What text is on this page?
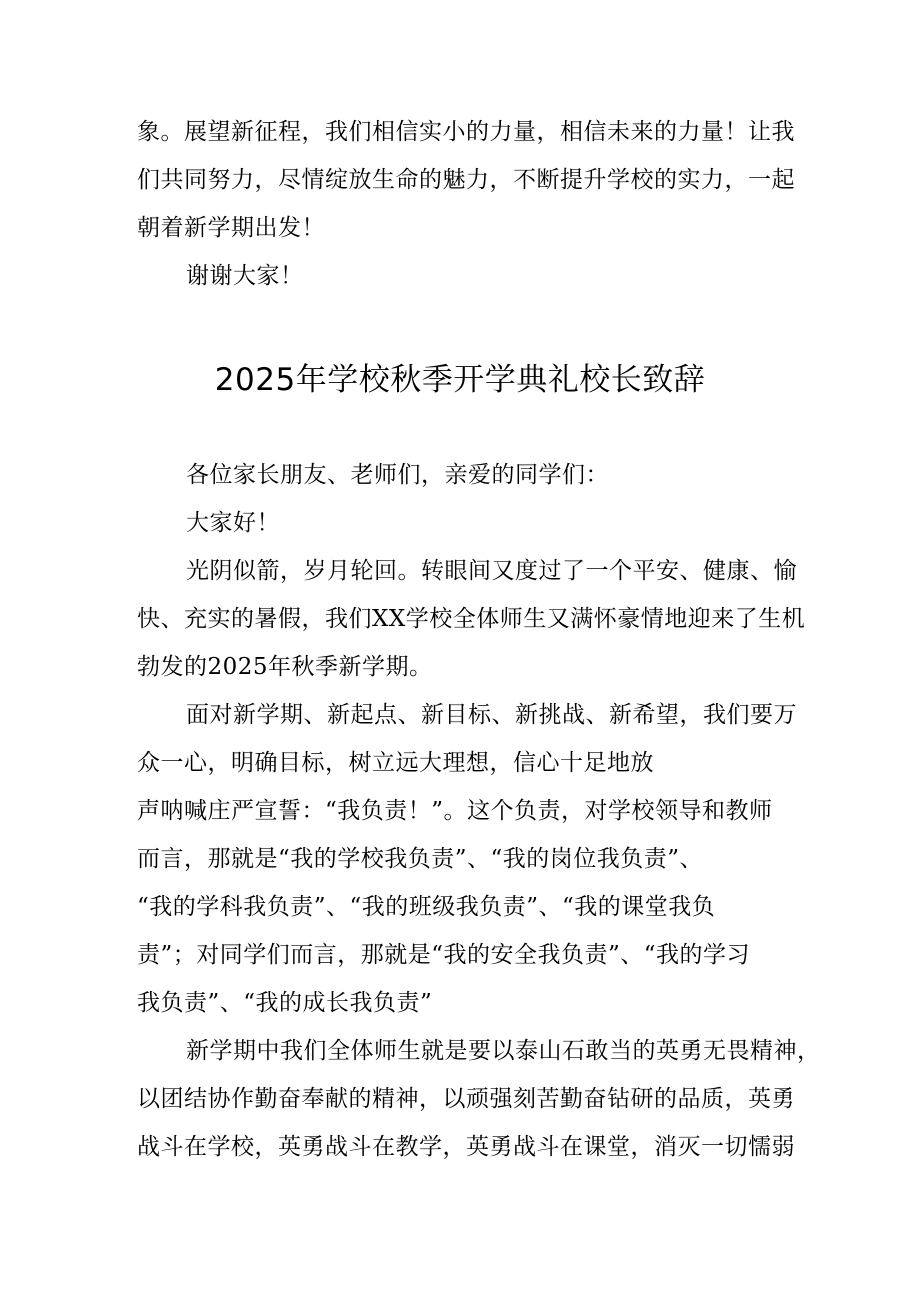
象。展望新征程，我们相信实小的力量，相信未来的力量！让我
们共同努力，尽情绽放生命的魅力，不断提升学校的实力，一起
朝着新学期出发！
谢谢大家！
2025年学校秋季开学典礼校长致辞
各位家长朋友、老师们，亲爱的同学们：
大家好！
光阴似箭，岁月轮回。转眼间又度过了一个平安、健康、愉
快、充实的暑假，我们XX学校全体师生又满怀豪情地迎来了生机
勃发的2025年秋季新学期。
面对新学期、新起点、新目标、新挑战、新希望，我们要万
众一心，明确目标，树立远大理想，信心十足地放
声呐喊庄严宣誓：“我负责！”。这个负责，对学校领导和教师
而言，那就是“我的学校我负责”、“我的岗位我负责”、
“我的学科我负责”、“我的班级我负责”、“我的课堂我负
责”；对同学们而言，那就是“我的安全我负责”、“我的学习
我负责”、“我的成长我负责”
新学期中我们全体师生就是要以泰山石敢当的英勇无畏精神，
以团结协作勤奋奉献的精神，以顽强刻苦勤奋钻研的品质，英勇
战斗在学校，英勇战斗在教学，英勇战斗在课堂，消灭一切懦弱
